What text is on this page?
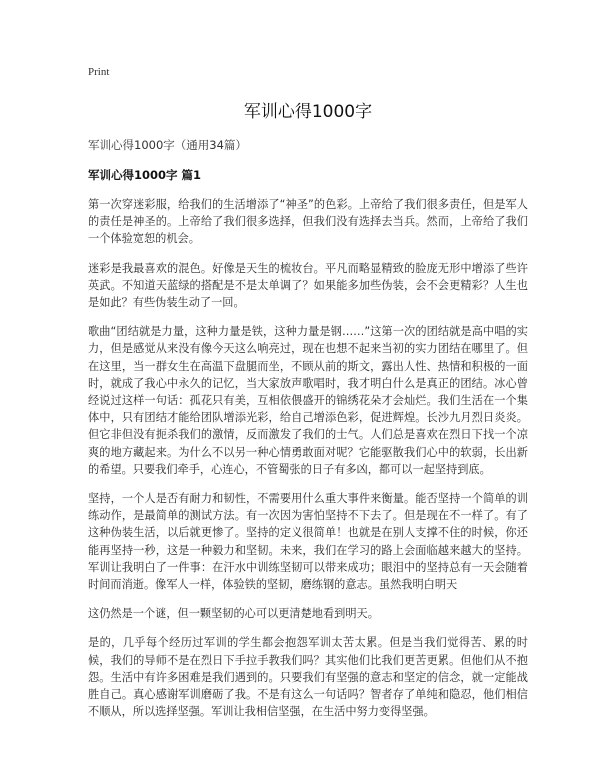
Print
军训心得1000字

军训心得1000字（通用34篇）

军训心得1000字 篇1

第一次穿迷彩服，给我们的生活增添了“神圣”的色彩。上帝给了我们很多责任，但是军人的责任是神圣的。上帝给了我们很多选择，但我们没有选择去当兵。然而，上帝给了我们一个体验宽恕的机会。

迷彩是我最喜欢的混色。好像是天生的梳妆台。平凡而略显精致的脸庞无形中增添了些许英武。不知道天蓝绿的搭配是不是太单调了？如果能多加些伪装，会不会更精彩？人生也是如此？有些伪装生动了一回。

歌曲“团结就是力量，这种力量是铁，这种力量是钢……”这第一次的团结就是高中唱的实力，但是感觉从来没有像今天这么响亮过，现在也想不起来当初的实力团结在哪里了。但在这里，当一群女生在高温下盘腿而坐，不顾从前的斯文，露出人性、热情和积极的一面时，就成了我心中永久的记忆，当大家放声歌唱时，我才明白什么是真正的团结。冰心曾经说过这样一句话：孤花只有美，互相依偎盛开的锦绣花朵才会灿烂。我们生活在一个集体中，只有团结才能给团队增添光彩，给自己增添色彩，促进辉煌。长沙九月烈日炎炎。但它非但没有扼杀我们的激情，反而激发了我们的士气。人们总是喜欢在烈日下找一个凉爽的地方藏起来。为什么不以另一种心情勇敢面对呢？它能驱散我们心中的软弱，长出新的希望。只要我们牵手，心连心，不管蜀张的日子有多凶，都可以一起坚持到底。

坚持，一个人是否有耐力和韧性，不需要用什么重大事件来衡量。能否坚持一个简单的训练动作，是最简单的测试方法。有一次因为害怕坚持不下去了。但是现在不一样了。有了这种伪装生活，以后就更惨了。坚持的定义很简单！也就是在别人支撑不住的时候，你还能再坚持一秒，这是一种毅力和坚韧。未来，我们在学习的路上会面临越来越大的坚持。军训让我明白了一件事：在汗水中训练坚韧可以带来成功；眼泪中的坚持总有一天会随着时间而消逝。像军人一样，体验铁的坚韧，磨练钢的意志。虽然我明白明天

这仍然是一个谜，但一颗坚韧的心可以更清楚地看到明天。

是的，几乎每个经历过军训的学生都会抱怨军训太苦太累。但是当我们觉得苦、累的时候，我们的导师不是在烈日下手拉手教我们吗？其实他们比我们更苦更累。但他们从不抱怨。生活中有许多困难是我们遇到的。只要我们有坚强的意志和坚定的信念，就一定能战胜自己。真心感谢军训磨砺了我。不是有这么一句话吗？智者存了单纯和隐忍，他们相信不顺从，所以选择坚强。军训让我相信坚强，在生活中努力变得坚强。
